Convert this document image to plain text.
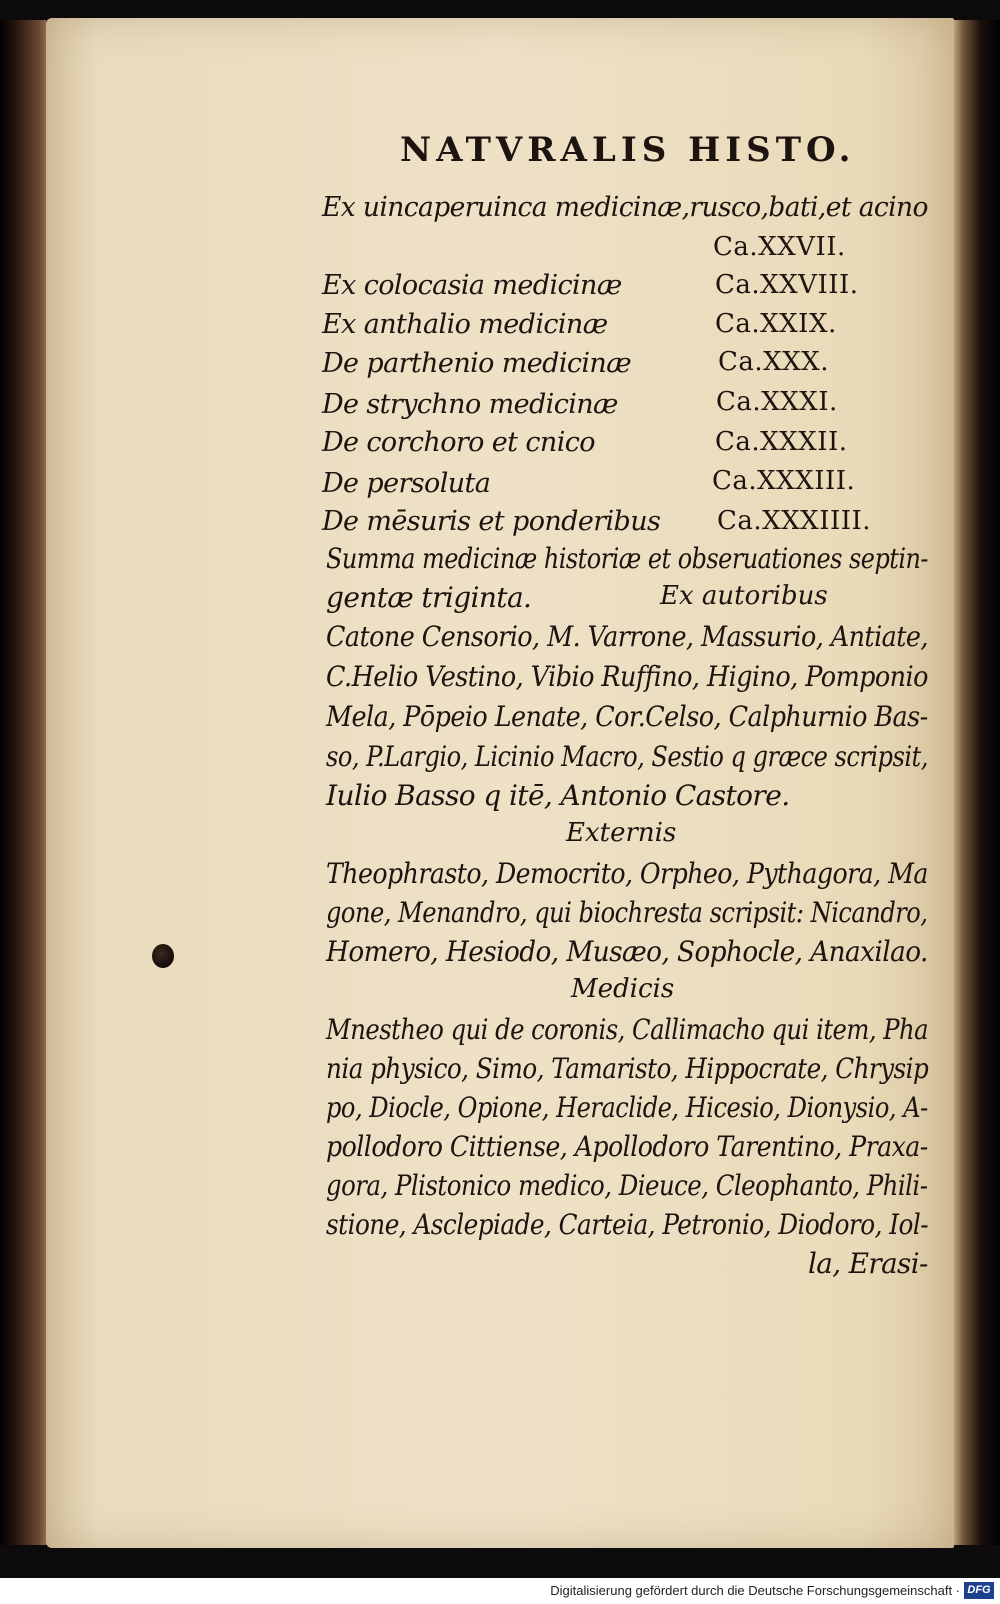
NATVRALIS HISTO.
Ex uincaperuinca medicinæ,rusco,bati,et acino
Ca.XXVII.
Ex colocasia medicinæ	Ca.XXVIII.
Ex anthalio medicinæ	Ca.XXIX.
De parthenio medicinæ	Ca.XXX.
De strychno medicinæ	Ca.XXXI.
De corchoro et cnico	Ca.XXXII.
De persoluta	Ca.XXXIII.
De mēsuris et ponderibus Ca.XXXIIII.
Summa medicinæ historiæ et obseruationes septin-
gentæ triginta.	Ex autoribus
Catone Censorio, M. Varrone, Massurio, Antiate,
C.Helio Vestino, Vibio Ruffino, Higino, Pomponio
Mela, Pōpeio Lenate, Cor.Celso, Calphurnio Bas-
so, P.Largio, Licinio Macro, Sestio q græce scripsit,
Iulio Basso q itē, Antonio Castore.
Externis
Theophrasto, Democrito, Orpheo, Pythagora, Ma
gone, Menandro, qui biochresta scripsit: Nicandro,
Homero, Hesiodo, Musæo, Sophocle, Anaxilao.
Medicis
Mnestheo qui de coronis, Callimacho qui item, Pha
nia physico, Simo, Tamaristo, Hippocrate, Chrysip
po, Diocle, Opione, Heraclide, Hicesio, Dionysio, A-
pollodoro Cittiense, Apollodoro Tarentino, Praxa-
gora, Plistonico medico, Dieuce, Cleophanto, Phili-
stione, Asclepiade, Carteia, Petronio, Diodoro, Iol-
la, Erasi-
Digitalisierung gefördert durch die Deutsche Forschungsgemeinschaft · DFG
